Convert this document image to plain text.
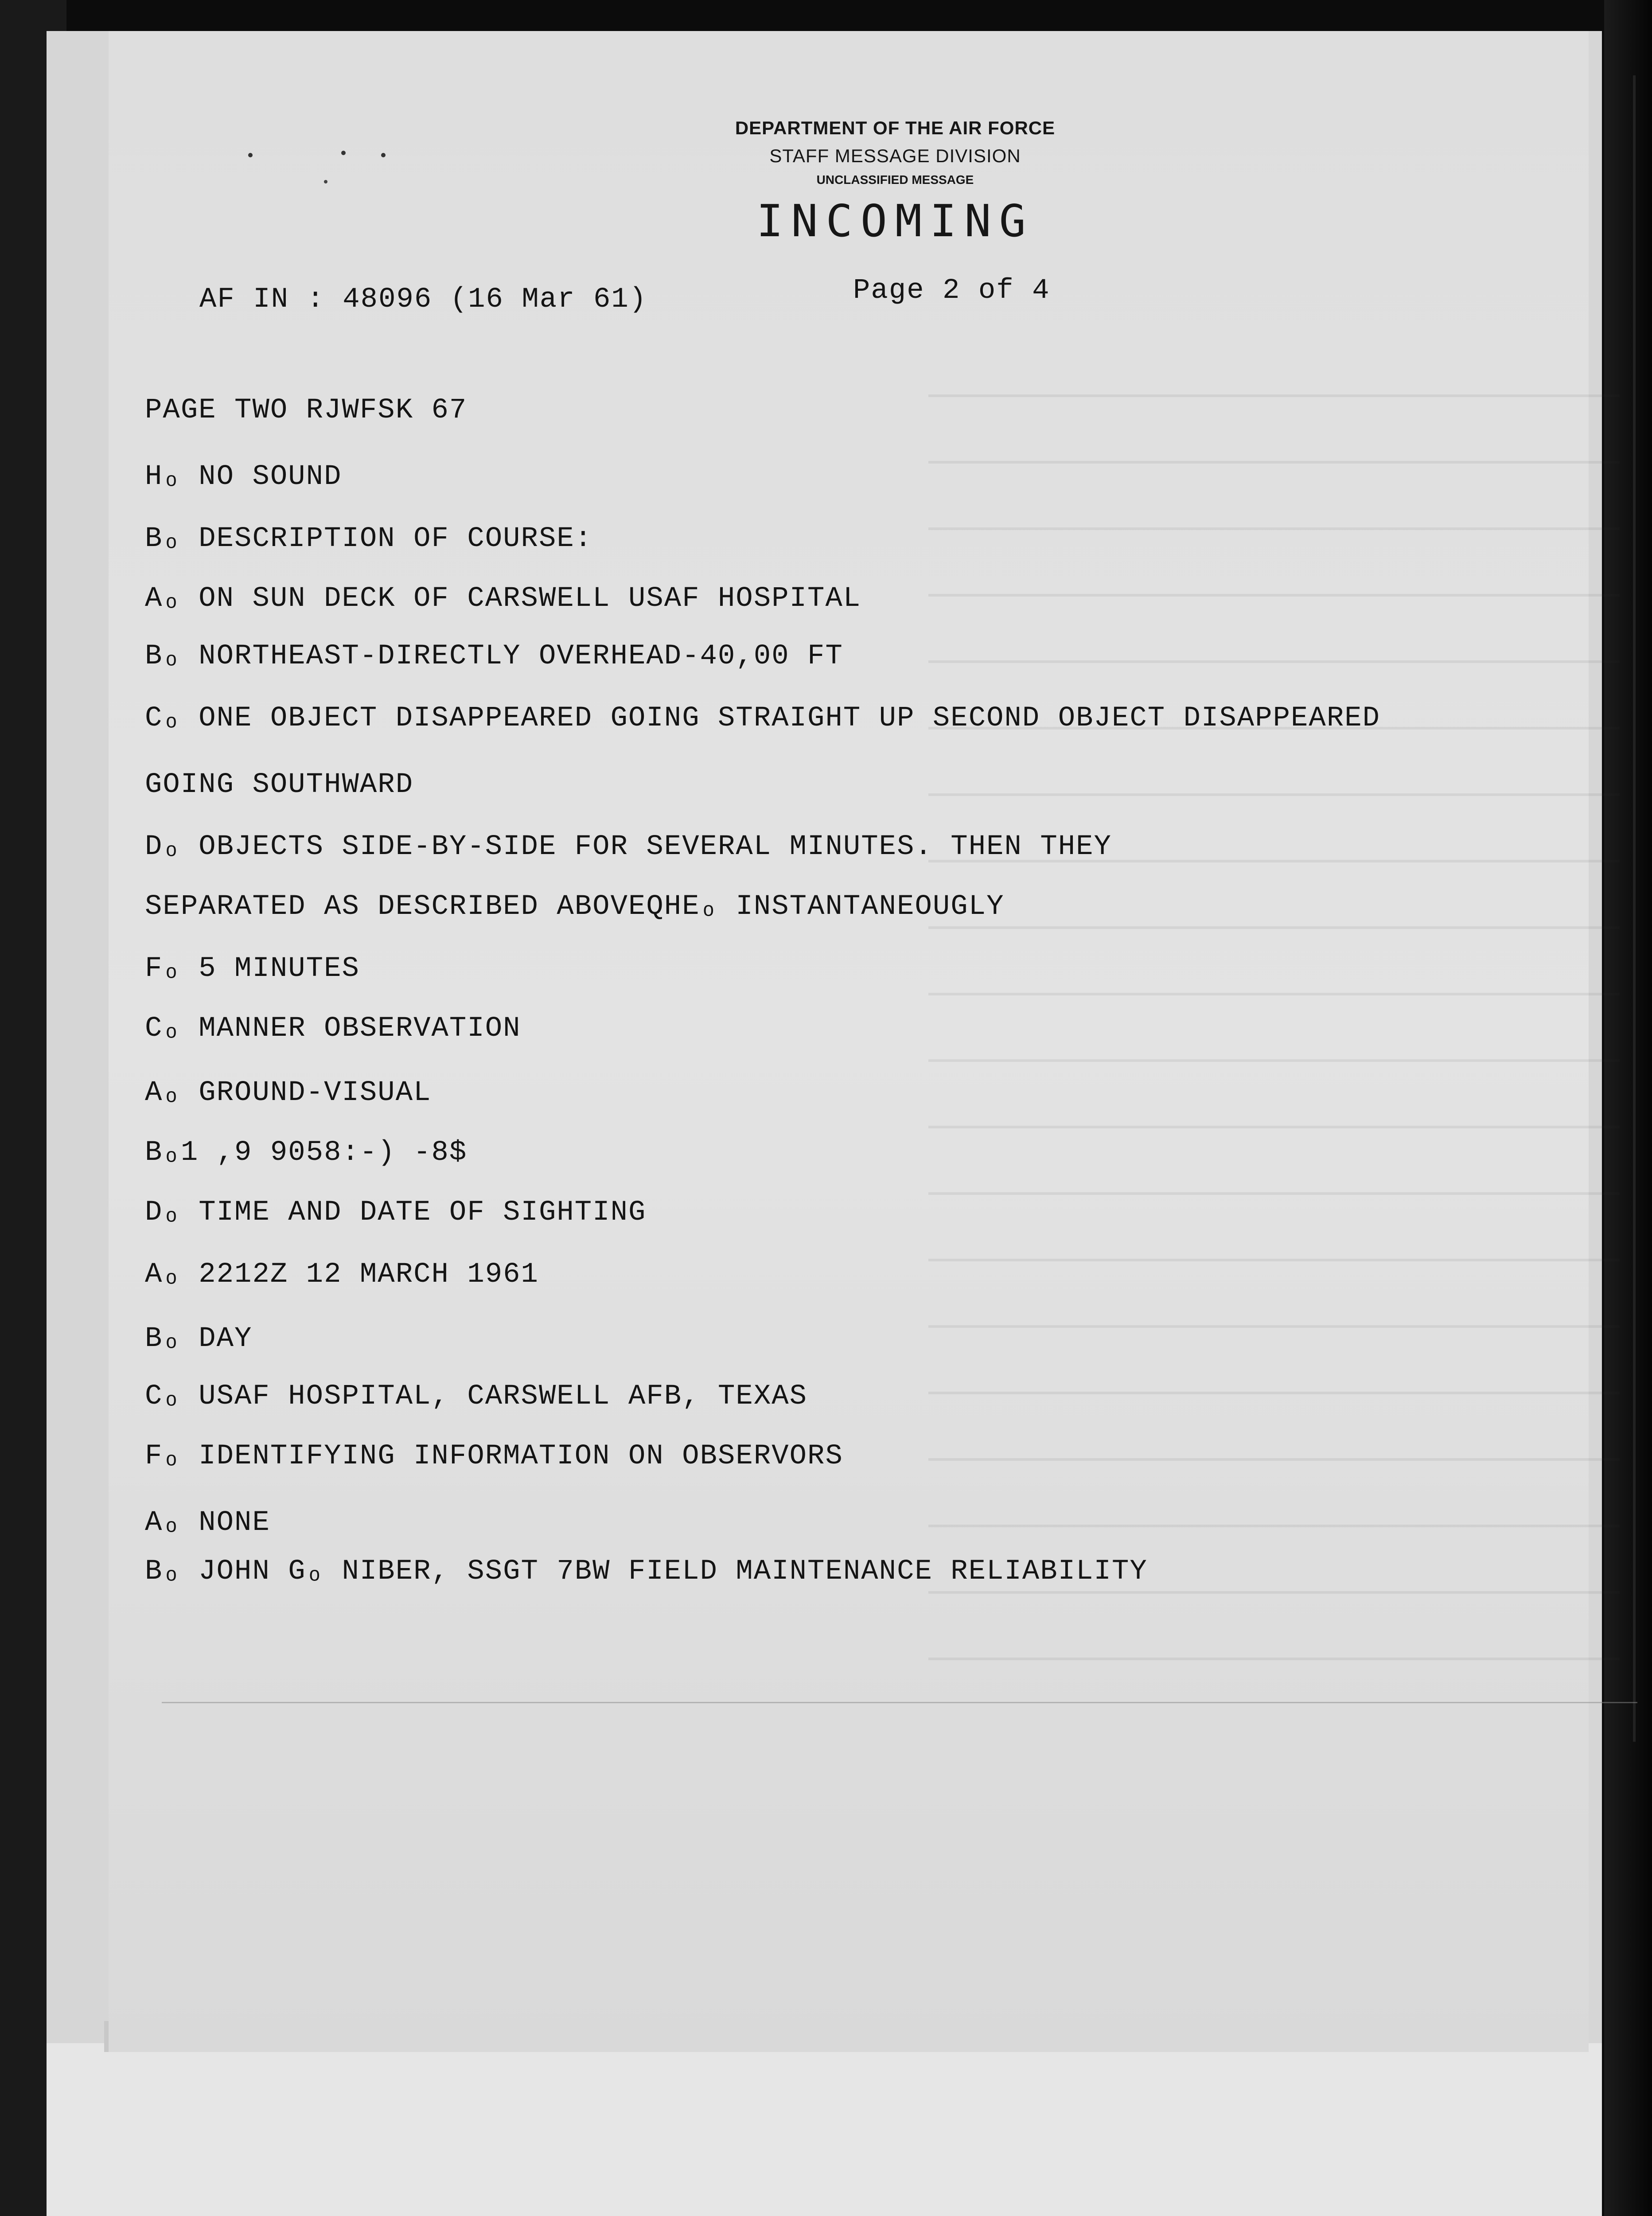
DEPARTMENT OF THE AIR FORCE
STAFF MESSAGE DIVISION
UNCLASSIFIED MESSAGE
INCOMING
AF IN : 48096 (16 Mar 61)	Page 2 of 4
PAGE TWO RJWFSK 67
Hₒ NO SOUND
Bₒ DESCRIPTION OF COURSE:
Aₒ ON SUN DECK OF CARSWELL USAF HOSPITAL
Bₒ NORTHEAST-DIRECTLY OVERHEAD-40,00 FT
Cₒ ONE OBJECT DISAPPEARED GOING STRAIGHT UP SECOND OBJECT DISAPPEARED
GOING SOUTHWARD
Dₒ OBJECTS SIDE-BY-SIDE FOR SEVERAL MINUTES. THEN THEY
SEPARATED AS DESCRIBED ABOVEQHEₒ INSTANTANEOUGLY
Fₒ 5 MINUTES
Cₒ MANNER OBSERVATION
Aₒ GROUND-VISUAL
Bₒ1 ,9 9058:-) -8$
Dₒ TIME AND DATE OF SIGHTING
Aₒ 2212Z 12 MARCH 1961
Bₒ DAY
Cₒ USAF HOSPITAL, CARSWELL AFB, TEXAS
Fₒ IDENTIFYING INFORMATION ON OBSERVORS
Aₒ NONE
Bₒ JOHN Gₒ NIBER, SSGT 7BW FIELD MAINTENANCE RELIABILITY
